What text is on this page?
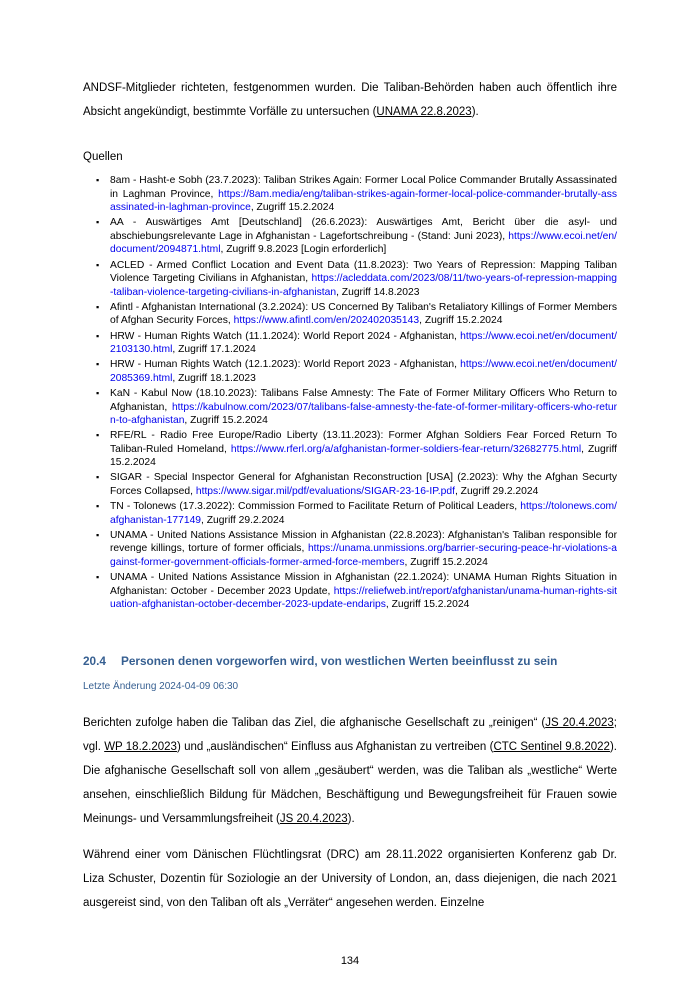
ANDSF-Mitglieder richteten, festgenommen wurden. Die Taliban-Behörden haben auch öffentlich ihre Absicht angekündigt, bestimmte Vorfälle zu untersuchen (UNAMA 22.8.2023).

Quellen

▪ 8am - Hasht-e Sobh (23.7.2023): Taliban Strikes Again: Former Local Police Commander Brutally Assassinated in Laghman Province, https://8am.media/eng/taliban-strikes-again-former-local-police-commander-brutally-assassinated-in-laghman-province, Zugriff 15.2.2024
▪ AA - Auswärtiges Amt [Deutschland] (26.6.2023): Auswärtiges Amt, Bericht über die asyl- und abschiebungsrelevante Lage in Afghanistan - Lagefortschreibung - (Stand: Juni 2023), https://www.ecoi.net/en/document/2094871.html, Zugriff 9.8.2023 [Login erforderlich]
▪ ACLED - Armed Conflict Location and Event Data (11.8.2023): Two Years of Repression: Mapping Taliban Violence Targeting Civilians in Afghanistan, https://acleddata.com/2023/08/11/two-years-of-repression-mapping-taliban-violence-targeting-civilians-in-afghanistan, Zugriff 14.8.2023
▪ Afintl - Afghanistan International (3.2.2024): US Concerned By Taliban's Retaliatory Killings of Former Members of Afghan Security Forces, https://www.afintl.com/en/202402035143, Zugriff 15.2.2024
▪ HRW - Human Rights Watch (11.1.2024): World Report 2024 - Afghanistan, https://www.ecoi.net/en/document/2103130.html, Zugriff 17.1.2024
▪ HRW - Human Rights Watch (12.1.2023): World Report 2023 - Afghanistan, https://www.ecoi.net/en/document/2085369.html, Zugriff 18.1.2023
▪ KaN - Kabul Now (18.10.2023): Talibans False Amnesty: The Fate of Former Military Officers Who Return to Afghanistan, https://kabulnow.com/2023/07/talibans-false-amnesty-the-fate-of-former-military-officers-who-return-to-afghanistan, Zugriff 15.2.2024
▪ RFE/RL - Radio Free Europe/Radio Liberty (13.11.2023): Former Afghan Soldiers Fear Forced Return To Taliban-Ruled Homeland, https://www.rferl.org/a/afghanistan-former-soldiers-fear-return/32682775.html, Zugriff 15.2.2024
▪ SIGAR - Special Inspector General for Afghanistan Reconstruction [USA] (2.2023): Why the Afghan Securty Forces Collapsed, https://www.sigar.mil/pdf/evaluations/SIGAR-23-16-IP.pdf, Zugriff 29.2.2024
▪ TN - Tolonews (17.3.2022): Commission Formed to Facilitate Return of Political Leaders, https://tolonews.com/afghanistan-177149, Zugriff 29.2.2024
▪ UNAMA - United Nations Assistance Mission in Afghanistan (22.8.2023): Afghanistan's Taliban responsible for revenge killings, torture of former officials, https://unama.unmissions.org/barrier-securing-peace-hr-violations-against-former-government-officials-former-armed-force-members, Zugriff 15.2.2024
▪ UNAMA - United Nations Assistance Mission in Afghanistan (22.1.2024): UNAMA Human Rights Situation in Afghanistan: October - December 2023 Update, https://reliefweb.int/report/afghanistan/unama-human-rights-situation-afghanistan-october-december-2023-update-endarips, Zugriff 15.2.2024
20.4 Personen denen vorgeworfen wird, von westlichen Werten beeinflusst zu sein

Letzte Änderung 2024-04-09 06:30

Berichten zufolge haben die Taliban das Ziel, die afghanische Gesellschaft zu „reinigen“ (JS 20.4.2023; vgl. WP 18.2.2023) und „ausländischen“ Einfluss aus Afghanistan zu vertreiben (CTC Sentinel 9.8.2022). Die afghanische Gesellschaft soll von allem „gesäubert“ werden, was die Taliban als „westliche“ Werte ansehen, einschließlich Bildung für Mädchen, Beschäftigung und Bewegungsfreiheit für Frauen sowie Meinungs- und Versammlungsfreiheit (JS 20.4.2023).

Während einer vom Dänischen Flüchtlingsrat (DRC) am 28.11.2022 organisierten Konferenz gab Dr. Liza Schuster, Dozentin für Soziologie an der University of London, an, dass diejenigen, die nach 2021 ausgereist sind, von den Taliban oft als „Verräter“ angesehen werden. Einzelne

134
